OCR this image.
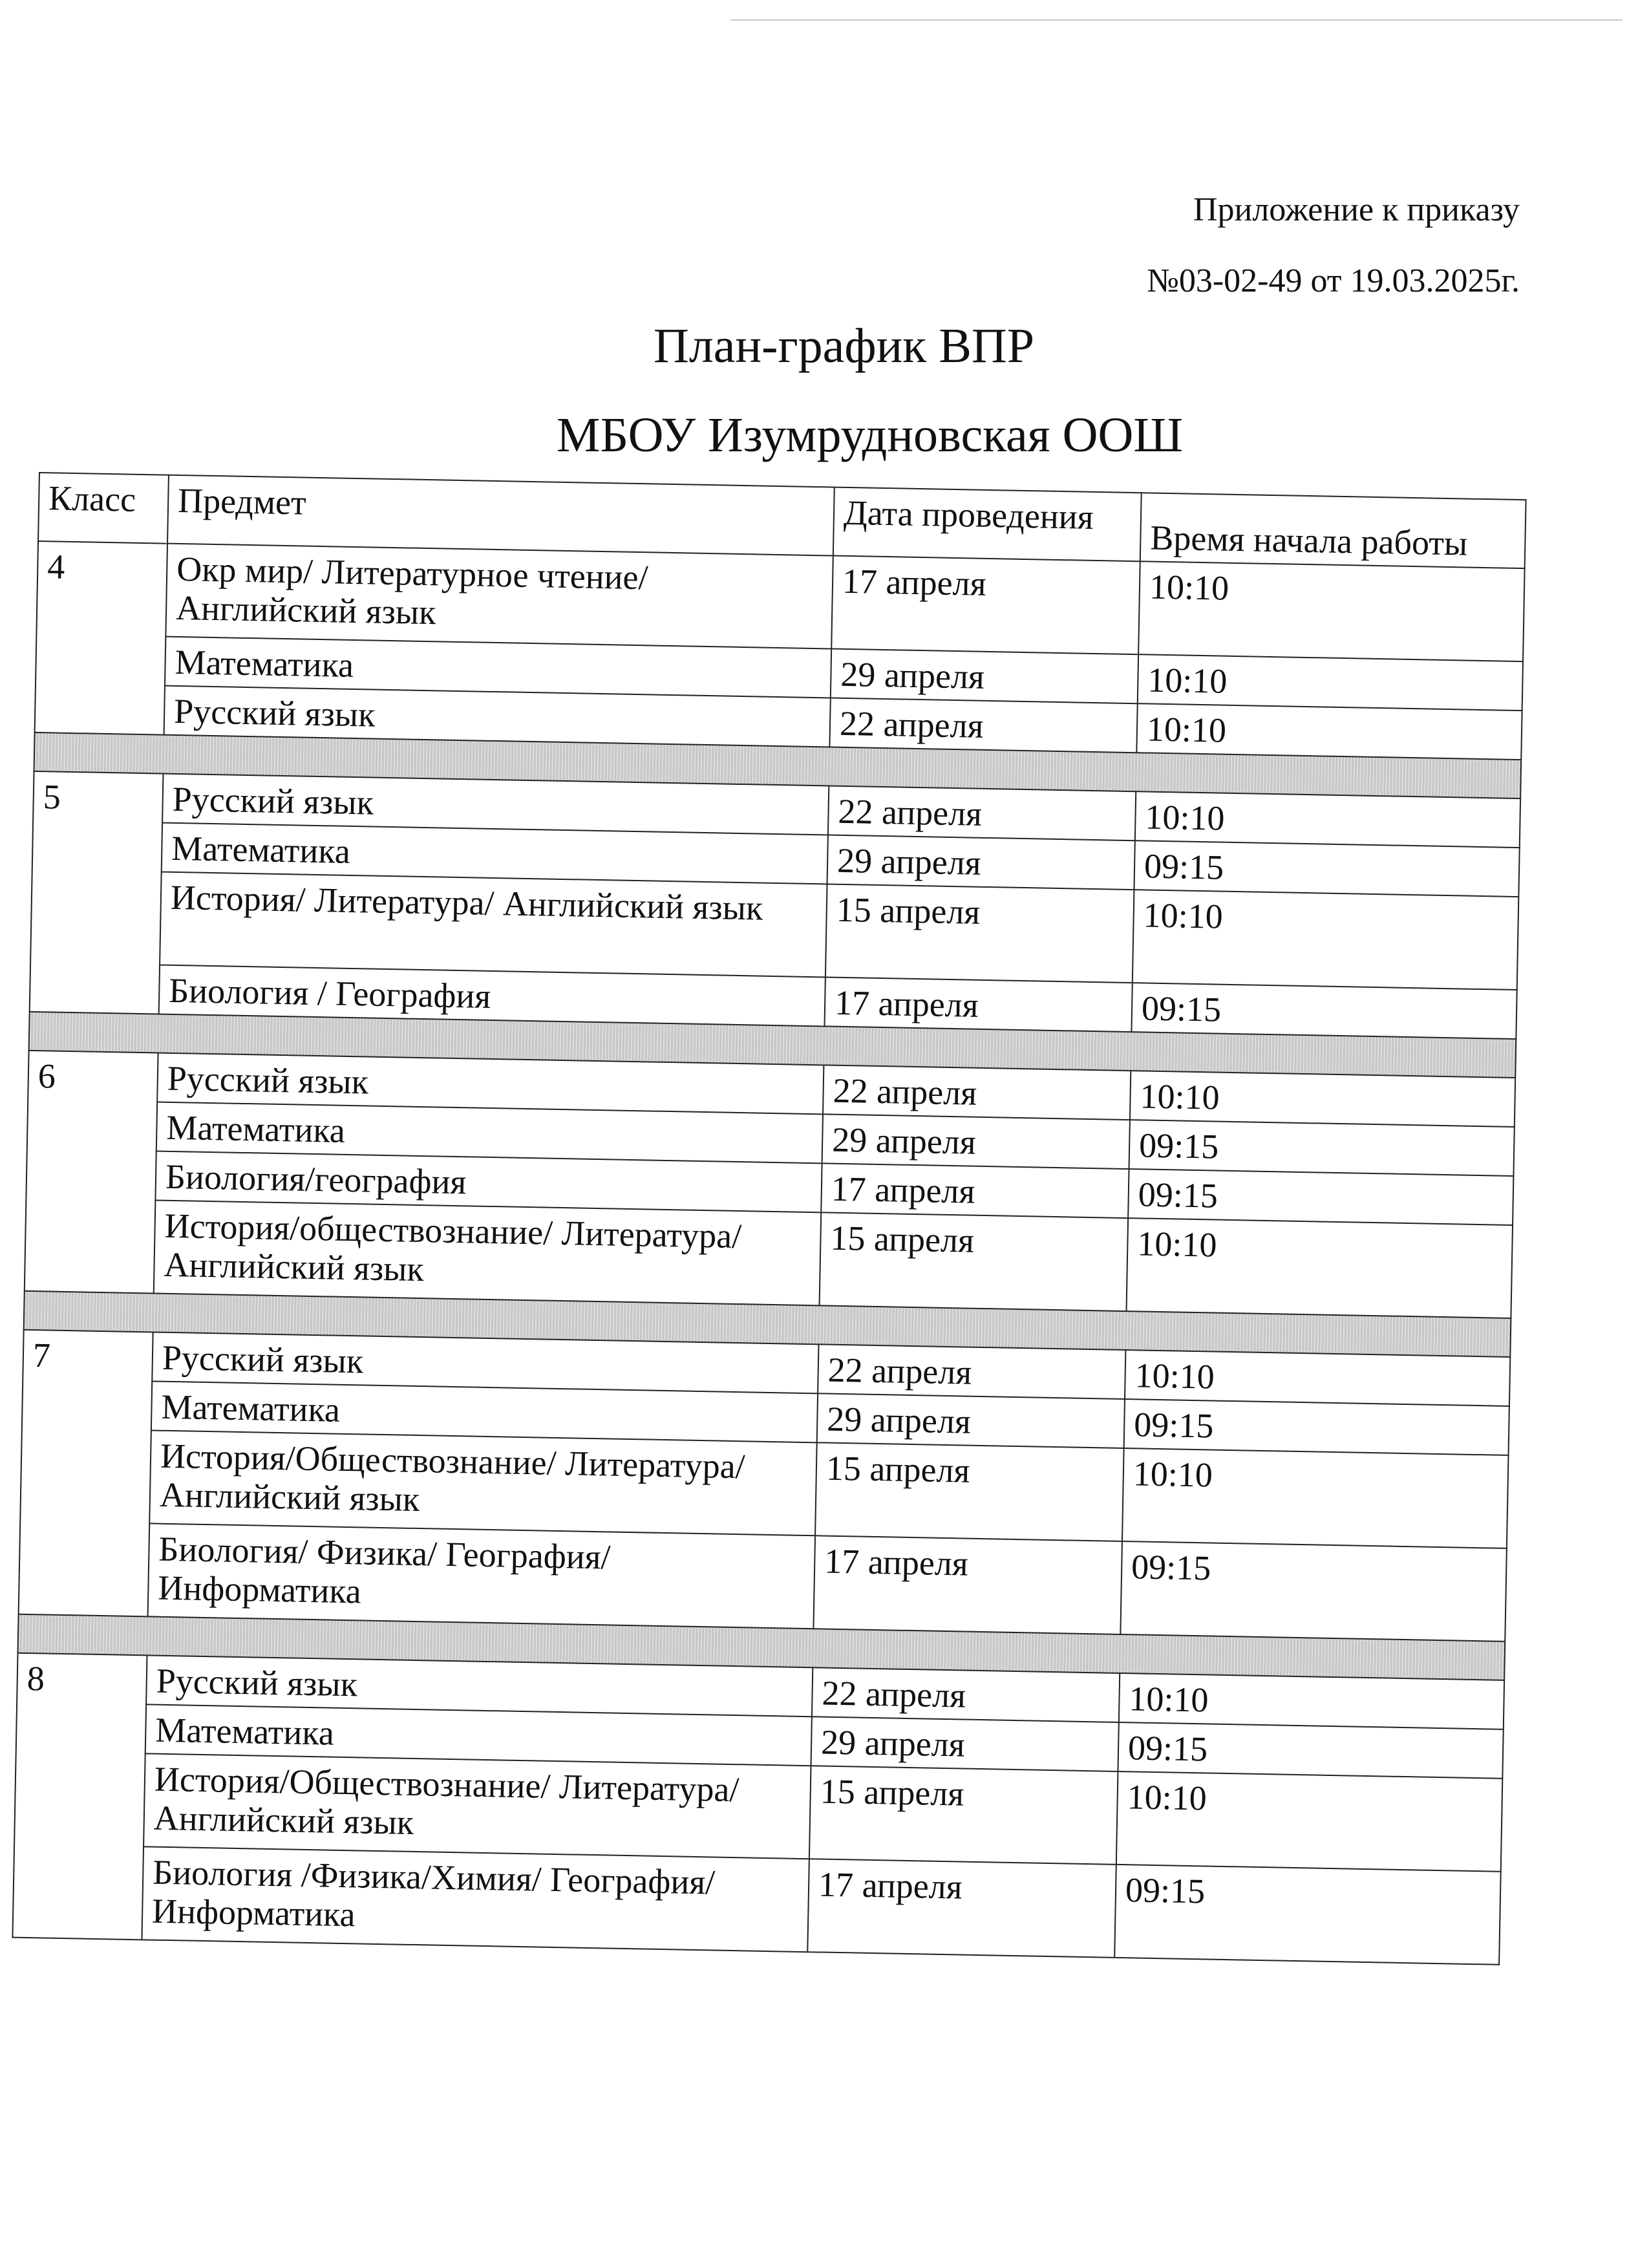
Приложение к приказу
№03-02-49 от 19.03.2025г.
План-график ВПР
МБОУ Изумрудновская ООШ
Класс	Предмет	Дата проведения	Время начала работы

4	Окр мир/ Литературное чтение/ Английский язык	17 апреля	10:10
	Математика	29 апреля	10:10
	Русский язык	22 апреля	10:10

5	Русский язык	22 апреля	10:10
	Математика	29 апреля	09:15
	История/ Литература/ Английский язык	15 апреля	10:10
	Биология / География	17 апреля	09:15

6	Русский язык	22 апреля	10:10
	Математика	29 апреля	09:15
	Биология/география	17 апреля	09:15
	История/обществознание/ Литература/ Английский язык	15 апреля	10:10

7	Русский язык	22 апреля	10:10
	Математика	29 апреля	09:15
	История/Обществознание/ Литература/ Английский язык	15 апреля	10:10
	Биология/ Физика/ География/ Информатика	17 апреля	09:15

8	Русский язык	22 апреля	10:10
	Математика	29 апреля	09:15
	История/Обществознание/ Литература/ Английский язык	15 апреля	10:10
	Биология /Физика/Химия/ География/ Информатика	17 апреля	09:15
